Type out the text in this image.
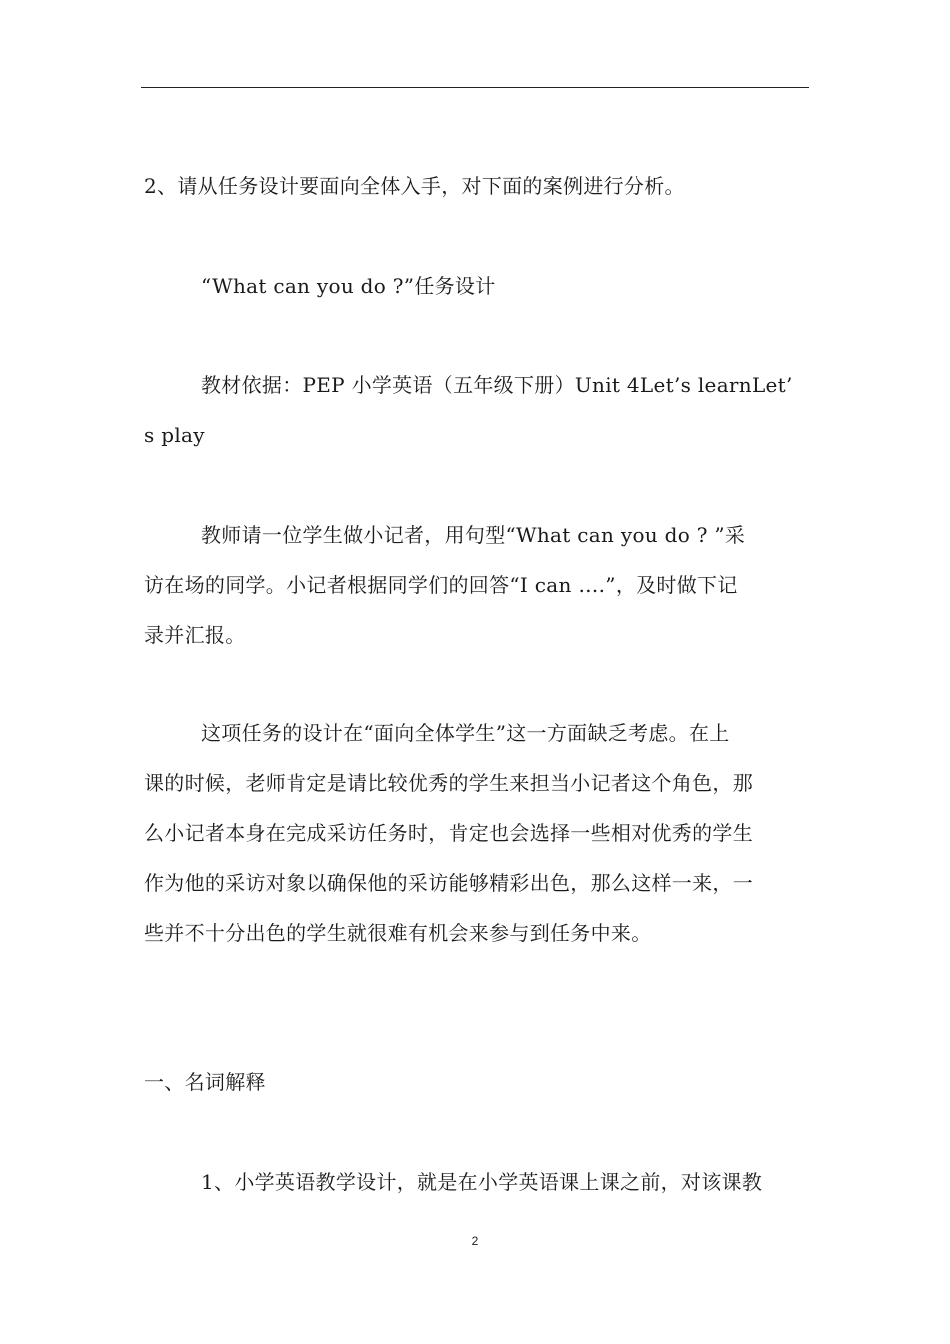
2、请从任务设计要面向全体入手，对下面的案例进行分析。
“What can you do ?”任务设计
教材依据：PEP 小学英语（五年级下册）Unit 4Let’s learnLet’
s play
教师请一位学生做小记者，用句型“What can you do ? ”采
访在场的同学。小记者根据同学们的回答“I can ….”，及时做下记
录并汇报。
这项任务的设计在“面向全体学生”这一方面缺乏考虑。在上
课的时候，老师肯定是请比较优秀的学生来担当小记者这个角色，那
么小记者本身在完成采访任务时，肯定也会选择一些相对优秀的学生
作为他的采访对象以确保他的采访能够精彩出色，那么这样一来，一
些并不十分出色的学生就很难有机会来参与到任务中来。
一、名词解释
1、小学英语教学设计，就是在小学英语课上课之前，对该课教
2
